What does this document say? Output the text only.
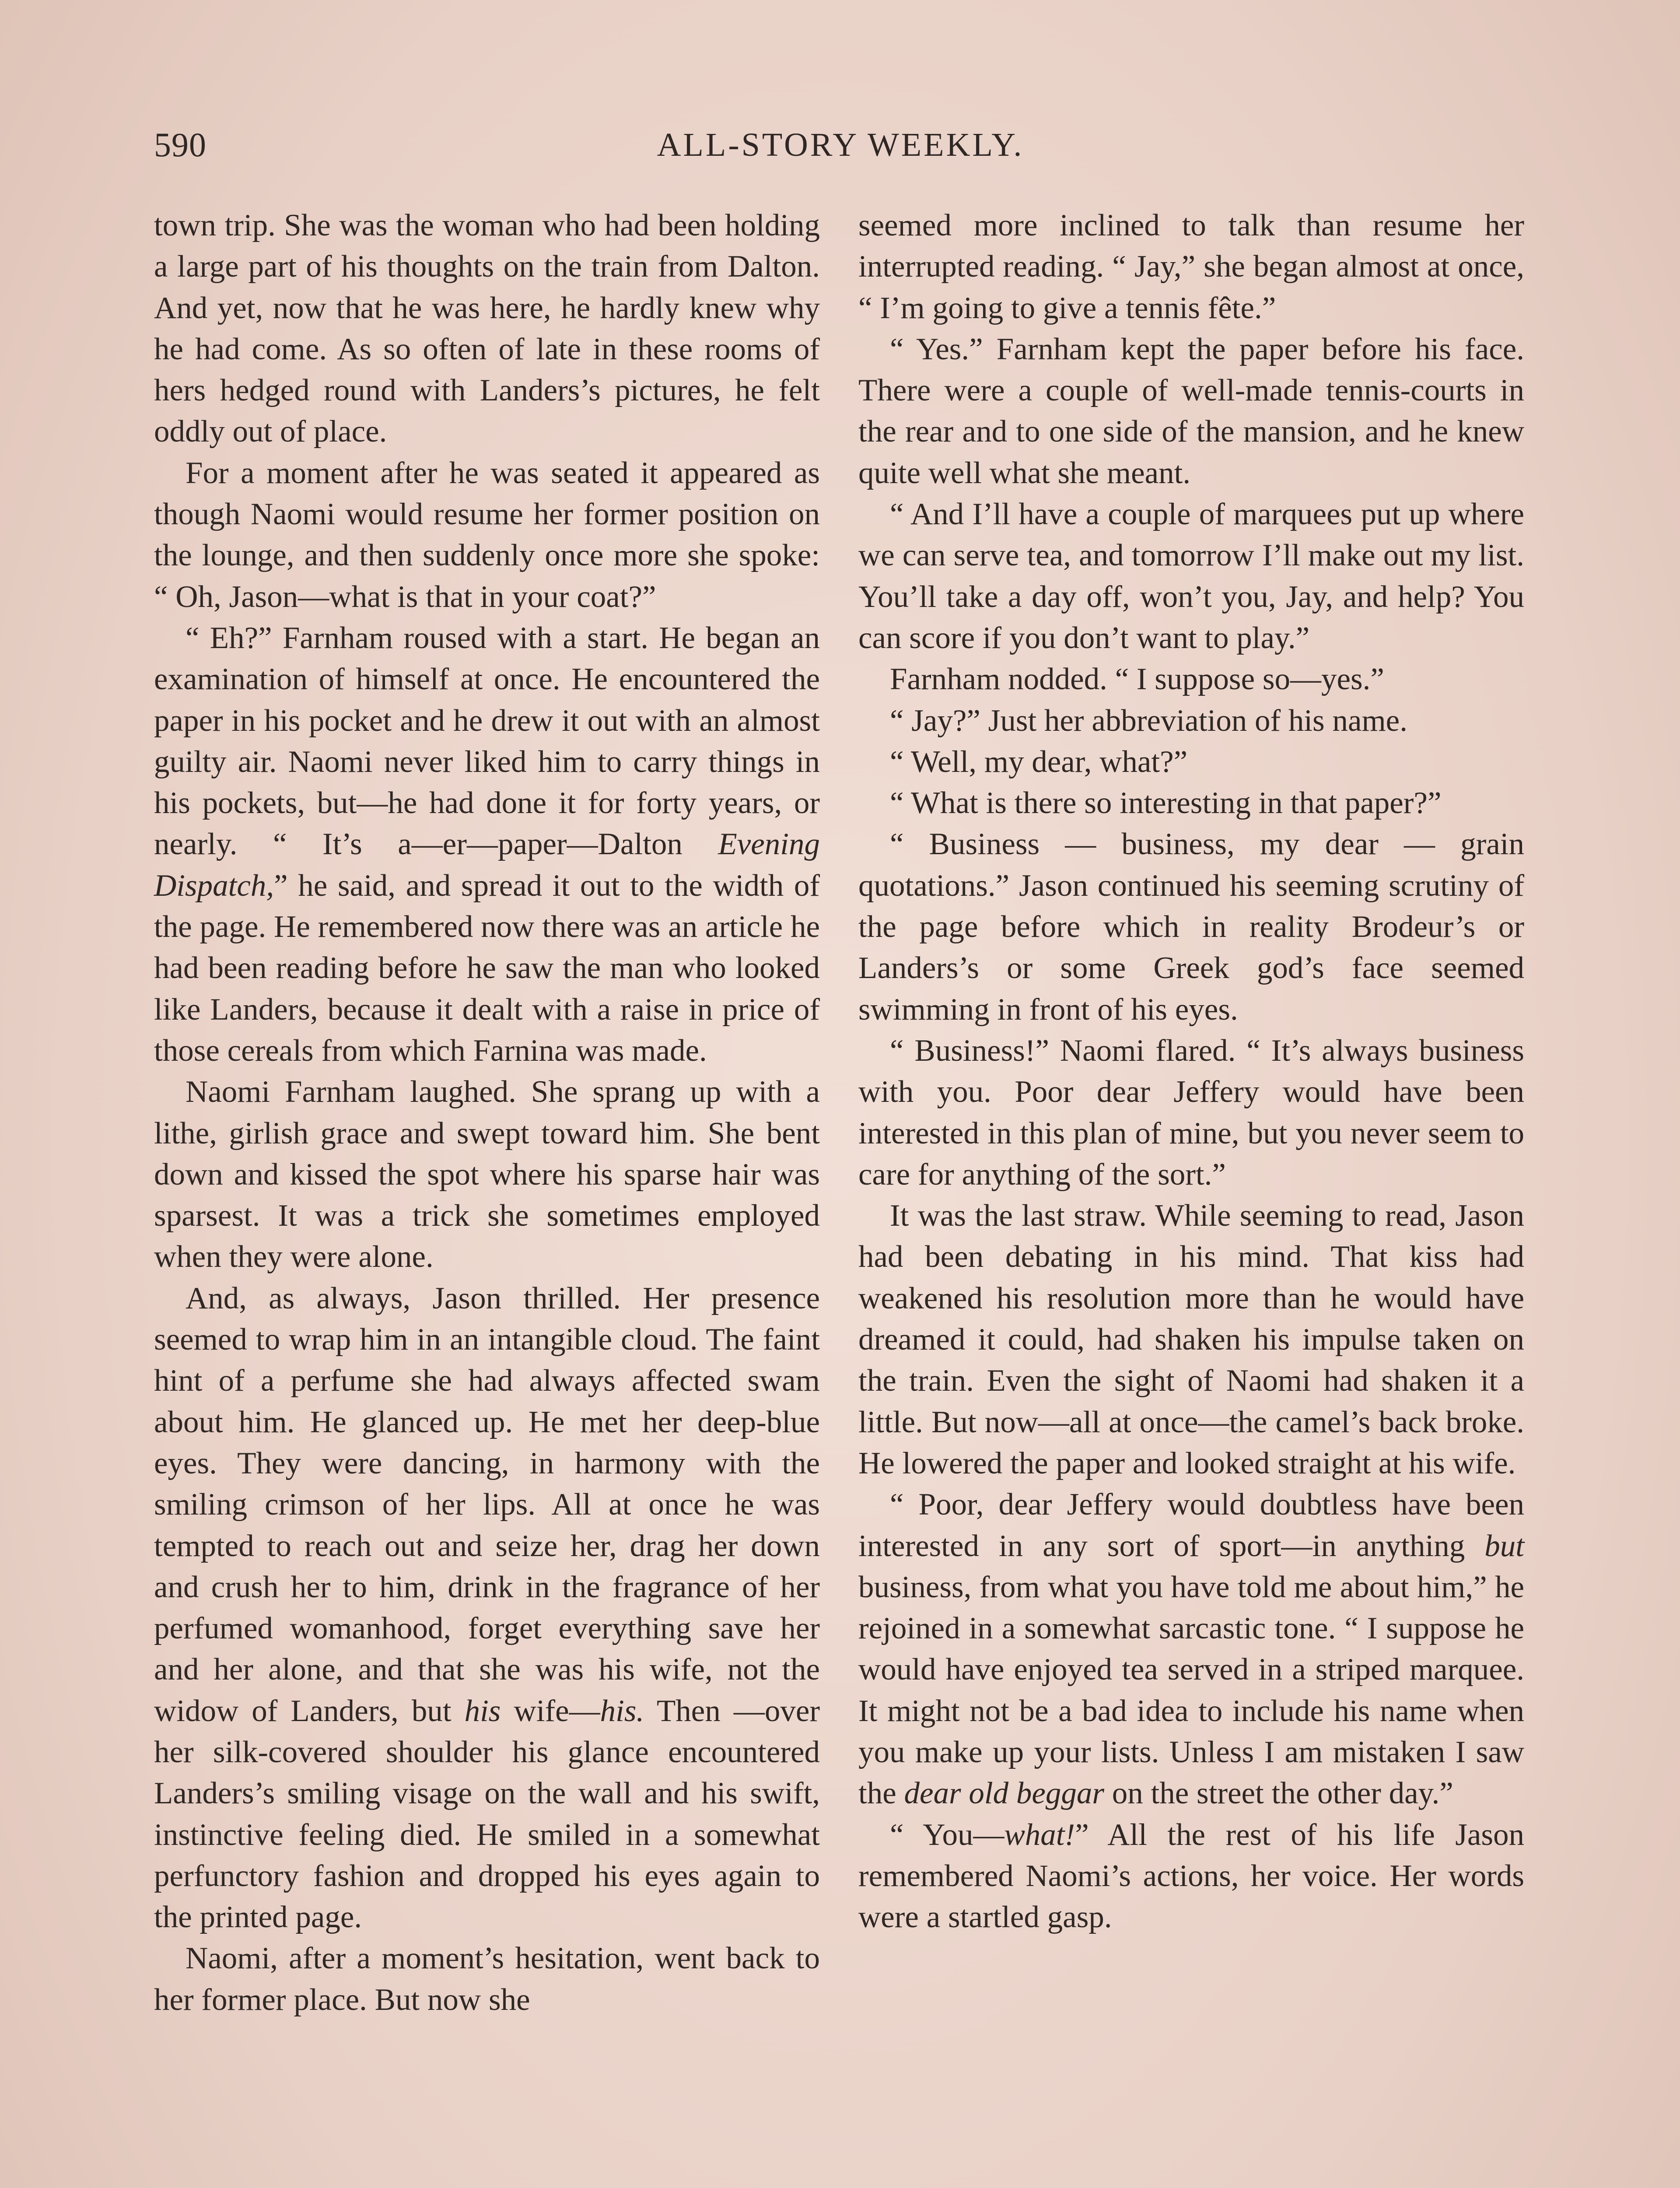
590	ALL-STORY WEEKLY.

town trip. She was the woman who had been holding a large part of his thoughts on the train from Dalton. And yet, now that he was here, he hardly knew why he had come. As so often of late in these rooms of hers hedged round with Landers’s pictures, he felt oddly out of place.

For a moment after he was seated it appeared as though Naomi would resume her former position on the lounge, and then suddenly once more she spoke: “ Oh, Jason—what is that in your coat?”

“ Eh?” Farnham roused with a start. He began an examination of himself at once. He encountered the paper in his pocket and he drew it out with an almost guilty air. Naomi never liked him to carry things in his pockets, but—he had done it for forty years, or nearly. “ It’s a—er—paper—Dalton Evening Dispatch,” he said, and spread it out to the width of the page. He remembered now there was an article he had been reading before he saw the man who looked like Landers, because it dealt with a raise in price of those cereals from which Farnina was made.

Naomi Farnham laughed. She sprang up with a lithe, girlish grace and swept toward him. She bent down and kissed the spot where his sparse hair was sparsest. It was a trick she sometimes employed when they were alone.

And, as always, Jason thrilled. Her presence seemed to wrap him in an intangible cloud. The faint hint of a perfume she had always affected swam about him. He glanced up. He met her deep-blue eyes. They were dancing, in harmony with the smiling crimson of her lips. All at once he was tempted to reach out and seize her, drag her down and crush her to him, drink in the fragrance of her perfumed womanhood, forget everything save her and her alone, and that she was his wife, not the widow of Landers, but his wife—his. Then —over her silk-covered shoulder his glance encountered Landers’s smiling visage on the wall and his swift, instinctive feeling died. He smiled in a somewhat perfunctory fashion and dropped his eyes again to the printed page.

Naomi, after a moment’s hesitation, went back to her former place. But now she

seemed more inclined to talk than resume her interrupted reading. “ Jay,” she began almost at once, “ I’m going to give a tennis fête.”

“ Yes.” Farnham kept the paper before his face. There were a couple of well-made tennis-courts in the rear and to one side of the mansion, and he knew quite well what she meant.

“ And I’ll have a couple of marquees put up where we can serve tea, and tomorrow I’ll make out my list. You’ll take a day off, won’t you, Jay, and help? You can score if you don’t want to play.”

Farnham nodded. “ I suppose so—yes.”

“ Jay?” Just her abbreviation of his name.

“ Well, my dear, what?”

“ What is there so interesting in that paper?”

“ Business — business, my dear — grain quotations.” Jason continued his seeming scrutiny of the page before which in reality Brodeur’s or Landers’s or some Greek god’s face seemed swimming in front of his eyes.

“ Business!” Naomi flared. “ It’s always business with you. Poor dear Jeffery would have been interested in this plan of mine, but you never seem to care for anything of the sort.”

It was the last straw. While seeming to read, Jason had been debating in his mind. That kiss had weakened his resolution more than he would have dreamed it could, had shaken his impulse taken on the train. Even the sight of Naomi had shaken it a little. But now—all at once—the camel’s back broke. He lowered the paper and looked straight at his wife.

“ Poor, dear Jeffery would doubtless have been interested in any sort of sport—in anything but business, from what you have told me about him,” he rejoined in a somewhat sarcastic tone. “ I suppose he would have enjoyed tea served in a striped marquee. It might not be a bad idea to include his name when you make up your lists. Unless I am mistaken I saw the dear old beggar on the street the other day.”

“ You—what!” All the rest of his life Jason remembered Naomi’s actions, her voice. Her words were a startled gasp.
